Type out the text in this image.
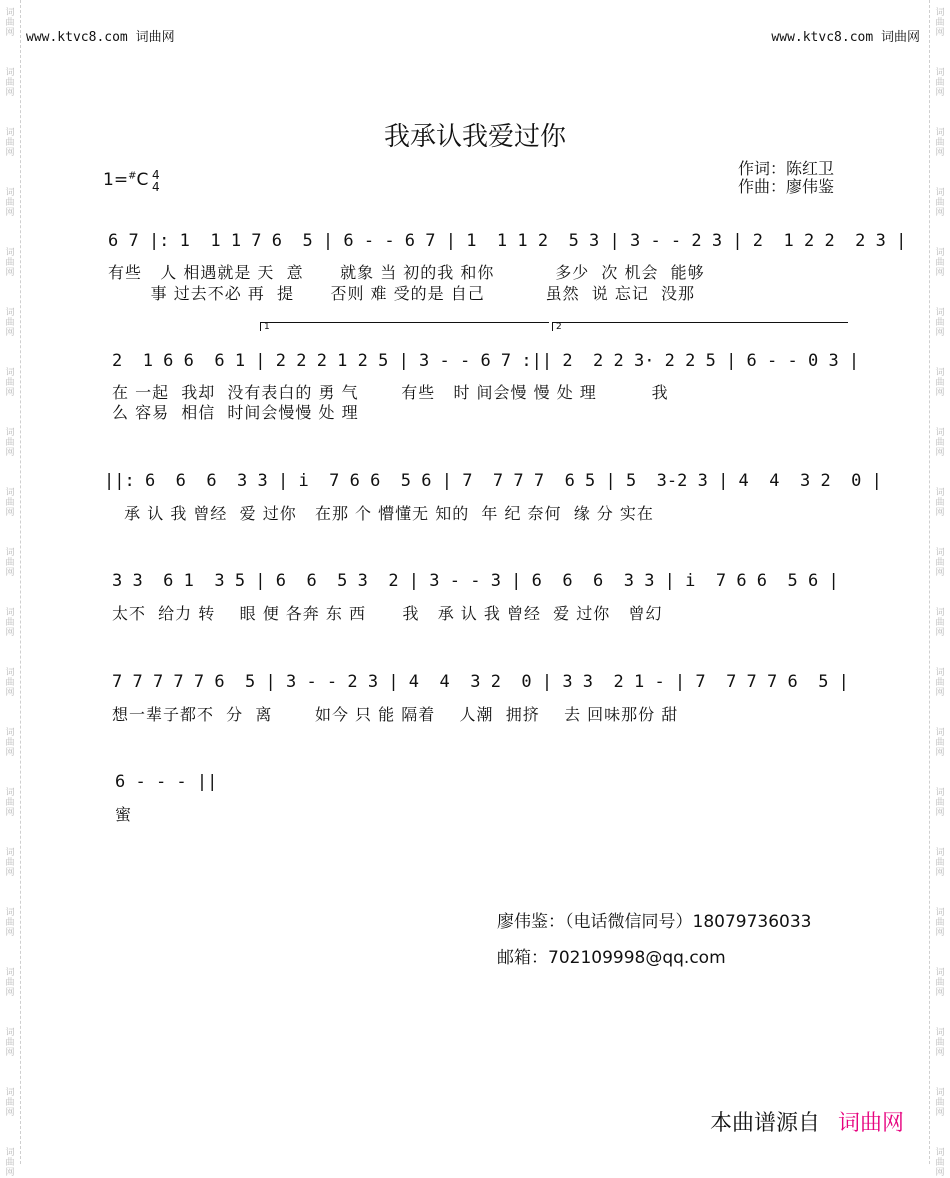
词
曲
网
词
曲
网
词
曲
网
词
曲
网
词
曲
网
词
曲
网
词
曲
网
词
曲
网
词
曲
网
词
曲
网
词
曲
网
词
曲
网
词
曲
网
词
曲
网
词
曲
网
词
曲
网
词
曲
网
词
曲
网
词
曲
网
词
曲
网
词
曲
网
词
曲
网
词
曲
网
词
曲
网
词
曲
网
词
曲
网
词
曲
网
词
曲
网
词
曲
网
词
曲
网
词
曲
网
词
曲
网
词
曲
网
词
曲
网
词
曲
网
词
曲
网
词
曲
网
词
曲
网
词
曲
网
词
曲
网
www.ktvc8.com 词曲网	www.ktvc8.com 词曲网
我承认我爱过你
1=#C 4
4
作词：陈红卫
作曲：廖伟鉴
6 7 |: 1  1 1 7 6  5 | 6 - - 6 7 | 1  1 1 2  5 3 | 3 - - 2 3 | 2  1 2 2  2 3 |
有些   人 相遇就是 天  意      就象 当 初的我 和你          多少  次 机会  能够
事 过去不必 再  提      否则 难 受的是 自己          虽然  说 忘记  没那
1	2
2  1 6 6  6 1 | 2 2 2 1 2 5 | 3 - - 6 7 :|| 2  2 2 3· 2 2 5 | 6 - - 0 3 |
在 一起  我却  没有表白的 勇 气       有些   时 间会慢 慢 处 理         我
么 容易  相信  时间会慢慢 处 理
||: 6  6  6  3 3 | i  7 6 6  5 6 | 7  7 7 7  6 5 | 5  3-2 3 | 4  4  3 2  0 |
承 认 我 曾经  爱 过你   在那 个 懵懂无 知的  年 纪 奈何  缘 分 实在
3 3  6 1  3 5 | 6  6  5 3  2 | 3 - - 3 | 6  6  6  3 3 | i  7 6 6  5 6 |
太不  给力 转    眼 便 各奔 东 西      我   承 认 我 曾经  爱 过你   曾幻
7 7 7 7 7 6  5 | 3 - - 2 3 | 4  4  3 2  0 | 3 3  2 1 - | 7  7 7 7 6  5 |
想一辈子都不  分  离       如今 只 能 隔着    人潮  拥挤    去 回味那份 甜
6 - - - ||
蜜
廖伟鉴：（电话微信同号）18079736033
邮箱：702109998@qq.com
本曲谱源自 词曲网
